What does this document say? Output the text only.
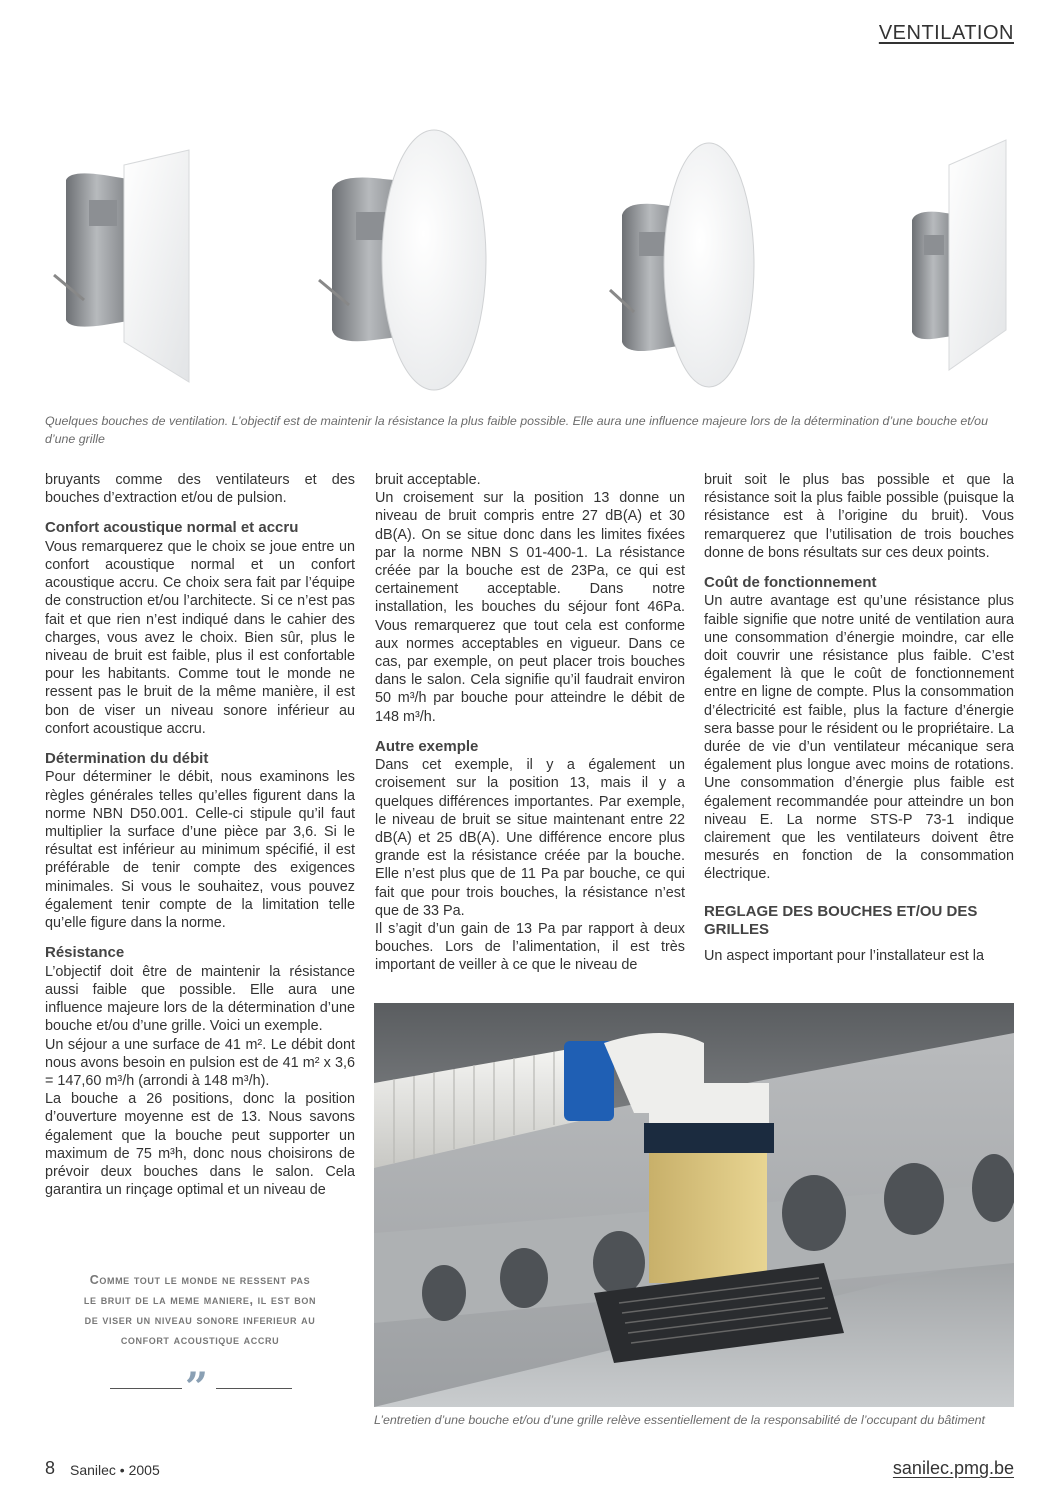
VENTILATION
Quelques bouches de ventilation. L’objectif est de maintenir la résistance la plus faible possible. Elle aura une influence majeure lors de la détermination d’une bouche et/ou d’une grille

bruyants comme des ventilateurs et des bouches d’extraction et/ou de pulsion.

Confort acoustique normal et accru

Vous remarquerez que le choix se joue entre un confort acoustique normal et un confort acoustique accru. Ce choix sera fait par l’équipe de construction et/ou l’architecte. Si ce n’est pas fait et que rien n’est indiqué dans le cahier des charges, vous avez le choix. Bien sûr, plus le niveau de bruit est faible, plus il est confortable pour les habitants. Comme tout le monde ne ressent pas le bruit de la même manière, il est bon de viser un niveau sonore inférieur au confort acoustique accru.

Détermination du débit

Pour déterminer le débit, nous examinons les règles générales telles qu’elles figurent dans la norme NBN D50.001. Celle-ci stipule qu’il faut multiplier la surface d’une pièce par 3,6. Si le résultat est inférieur au minimum spécifié, il est préférable de tenir compte des exigences minimales. Si vous le souhaitez, vous pouvez également tenir compte de la limitation telle qu’elle figure dans la norme.

Résistance

L’objectif doit être de maintenir la résistance aussi faible que possible. Elle aura une influence majeure lors de la détermination d’une bouche et/ou d’une grille. Voici un exemple.

Un séjour a une surface de 41 m². Le débit dont nous avons besoin en pulsion est de 41 m² x 3,6 = 147,60 m³/h (arrondi à 148 m³/h).

La bouche a 26 positions, donc la position d’ouverture moyenne est de 13. Nous savons également que la bouche peut supporter un maximum de 75 m³h, donc nous choisirons de prévoir deux bouches dans le salon. Cela garantira un rinçage optimal et un niveau de

Comme tout le monde ne ressent pas
le bruit de la meme maniere, il est bon
de viser un niveau sonore inferieur au
confort acoustique accru
”

bruit acceptable.

Un croisement sur la position 13 donne un niveau de bruit compris entre 27 dB(A) et 30 dB(A). On se situe donc dans les limites fixées par la norme NBN S 01-400-1. La résistance créée par la bouche est de 23Pa, ce qui est certainement acceptable. Dans notre installation, les bouches du séjour font 46Pa. Vous remarquerez que tout cela est conforme aux normes acceptables en vigueur. Dans ce cas, par exemple, on peut placer trois bouches dans le salon. Cela signifie qu’il faudrait environ 50 m³/h par bouche pour atteindre le débit de 148 m³/h.

Autre exemple

Dans cet exemple, il y a également un croisement sur la position 13, mais il y a quelques différences importantes. Par exemple, le niveau de bruit se situe maintenant entre 22 dB(A) et 25 dB(A). Une différence encore plus grande est la résistance créée par la bouche. Elle n’est plus que de 11 Pa par bouche, ce qui fait que pour trois bouches, la résistance n’est que de 33 Pa.

Il s’agit d’un gain de 13 Pa par rapport à deux bouches. Lors de l’alimentation, il est très important de veiller à ce que le niveau de

bruit soit le plus bas possible et que la résistance soit la plus faible possible (puisque la résistance est à l’origine du bruit). Vous remarquerez que l’utilisation de trois bouches donne de bons résultats sur ces deux points.

Coût de fonctionnement

Un autre avantage est qu’une résistance plus faible signifie que notre unité de ventilation aura une consommation d’énergie moindre, car elle doit couvrir une résistance plus faible. C’est également là que le coût de fonctionnement entre en ligne de compte. Plus la consommation d’électricité est faible, plus la facture d’énergie sera basse pour le résident ou le propriétaire. La durée de vie d’un ventilateur mécanique sera également plus longue avec moins de rotations. Une consommation d’énergie plus faible est également recommandée pour atteindre un bon niveau E. La norme STS-P 73-1 indique clairement que les ventilateurs doivent être mesurés en fonction de la consommation électrique.

REGLAGE DES BOUCHES ET/OU DES GRILLES

Un aspect important pour l’installateur est la

L’entretien d’une bouche et/ou d’une grille relève essentiellement de la responsabilité de l’occupant du bâtiment
8 Sanilec • 2005	sanilec.pmg.be
